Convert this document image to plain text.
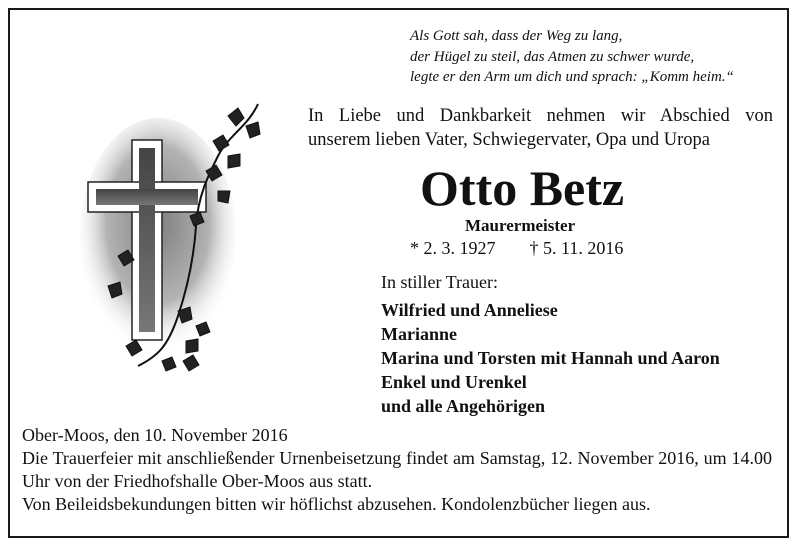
Als Gott sah, dass der Weg zu lang,
der Hügel zu steil, das Atmen zu schwer wurde,
legte er den Arm um dich und sprach: „Komm heim.“
In Liebe und Dankbarkeit nehmen wir Abschied von
unserem lieben Vater, Schwiegervater, Opa und Uropa
Otto Betz
Maurermeister
* 2. 3. 1927 † 5. 11. 2016
In stiller Trauer:
Wilfried und Anneliese
Marianne
Marina und Torsten mit Hannah und Aaron
Enkel und Urenkel
und alle Angehörigen
Ober-Moos, den 10. November 2016
Die Trauerfeier mit anschließender Urnenbeisetzung findet am Samstag, 12. November 2016, um 14.00 Uhr von der Friedhofshalle Ober-Moos aus statt.
Von Beileidsbekundungen bitten wir höflichst abzusehen. Kondolenzbücher liegen aus.
